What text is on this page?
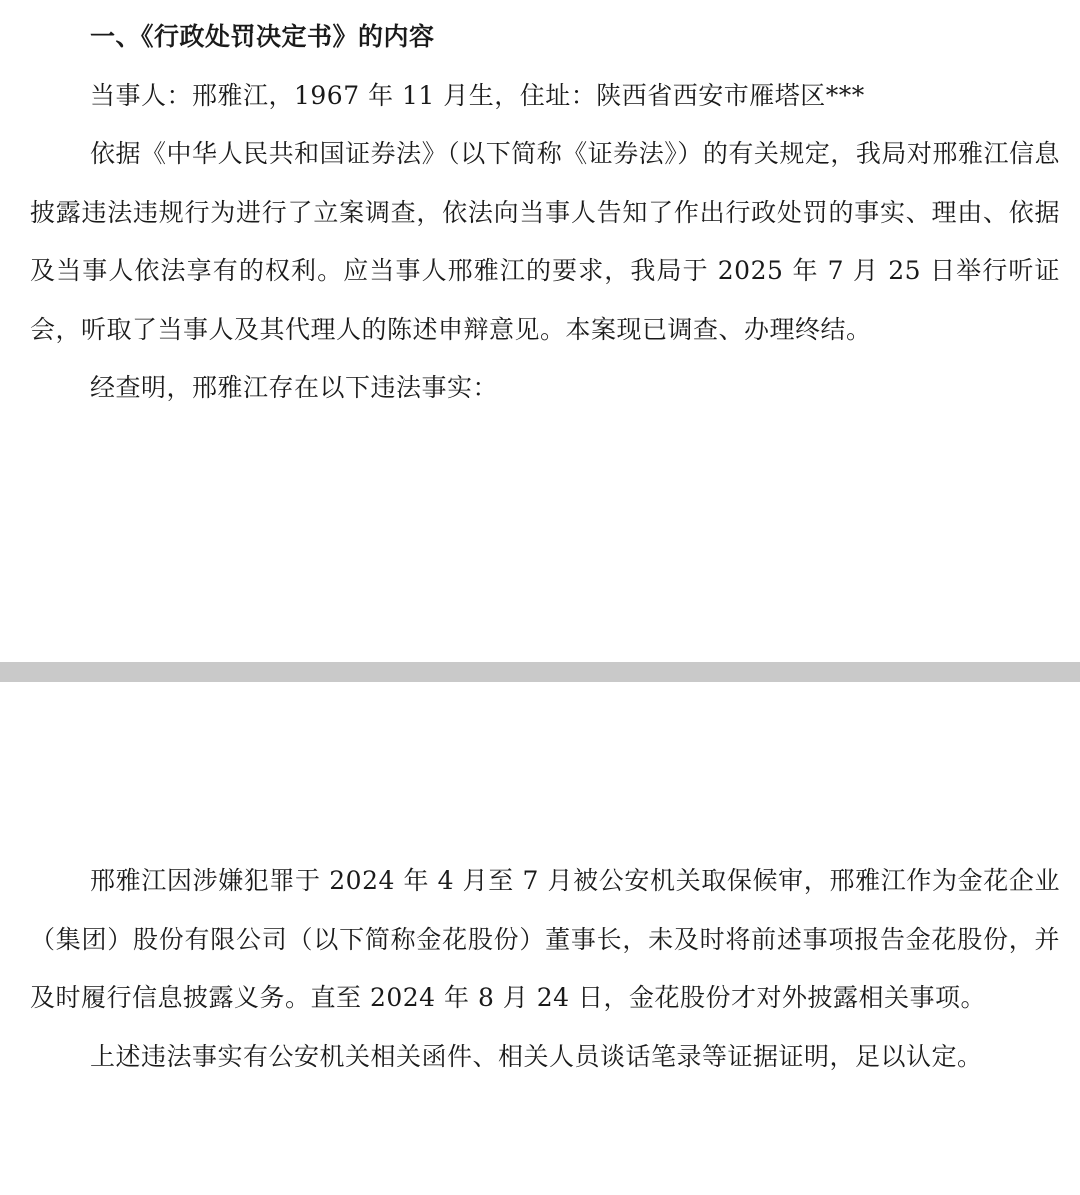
一、《行政处罚决定书》的内容

当事人：邢雅江，1967 年 11 月生，住址：陕西省西安市雁塔区***

依据《中华人民共和国证券法》（以下简称《证券法》）的有关规定，我局对邢雅江信息披露违法违规行为进行了立案调查，依法向当事人告知了作出行政处罚的事实、理由、依据及当事人依法享有的权利。应当事人邢雅江的要求，我局于 2025 年 7 月 25 日举行听证会，听取了当事人及其代理人的陈述申辩意见。本案现已调查、办理终结。

经查明，邢雅江存在以下违法事实：

邢雅江因涉嫌犯罪于 2024 年 4 月至 7 月被公安机关取保候审，邢雅江作为金花企业（集团）股份有限公司（以下简称金花股份）董事长，未及时将前述事项报告金花股份，并及时履行信息披露义务。直至 2024 年 8 月 24 日，金花股份才对外披露相关事项。

上述违法事实有公安机关相关函件、相关人员谈话笔录等证据证明，足以认定。
